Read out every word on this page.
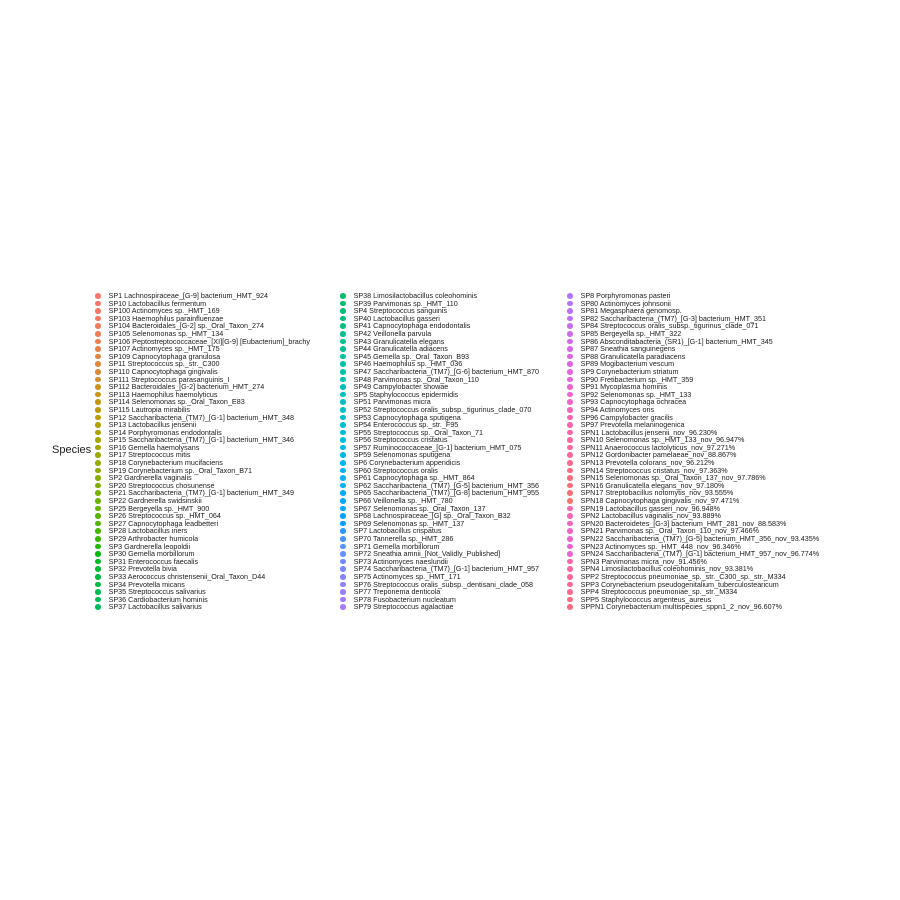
Species
SP1 Lachnospiraceae_[G-9] bacterium_HMT_924
SP10 Lactobacillus fermentum
SP100 Actinomyces sp._HMT_169
SP103 Haemophilus parainfluenzae
SP104 Bacteroidales_[G-2] sp._Oral_Taxon_274
SP105 Selenomonas sp._HMT_134
SP106 Peptostreptococcaceae_[XI][G-9] [Eubacterium]_brachy
SP107 Actinomyces sp._HMT_175
SP109 Capnocytophaga granulosa
SP11 Streptococcus sp._str._C300
SP110 Capnocytophaga gingivalis
SP111 Streptococcus parasanguinis_I
SP112 Bacteroidales_[G-2] bacterium_HMT_274
SP113 Haemophilus haemolyticus
SP114 Selenomonas sp._Oral_Taxon_E83
SP115 Lautropia mirabilis
SP12 Saccharibacteria_(TM7)_[G-1] bacterium_HMT_348
SP13 Lactobacillus jensenii
SP14 Porphyromonas endodontalis
SP15 Saccharibacteria_(TM7)_[G-1] bacterium_HMT_346
SP16 Gemella haemolysans
SP17 Streptococcus mitis
SP18 Corynebacterium mucifaciens
SP19 Corynebacterium sp._Oral_Taxon_B71
SP2 Gardnerella vaginalis
SP20 Streptococcus chosunense
SP21 Saccharibacteria_(TM7)_[G-1] bacterium_HMT_349
SP22 Gardnerella swidsinskii
SP25 Bergeyella sp._HMT_900
SP26 Streptococcus sp._HMT_064
SP27 Capnocytophaga leadbetteri
SP28 Lactobacillus iners
SP29 Arthrobacter humicola
SP3 Gardnerella leopoldii
SP30 Gemella morbillorum
SP31 Enterococcus faecalis
SP32 Prevotella bivia
SP33 Aerococcus christensenii_Oral_Taxon_D44
SP34 Prevotella micans
SP35 Streptococcus salivarius
SP36 Cardiobacterium hominis
SP37 Lactobacillus salivarius
SP38 Limosilactobacillus coleohominis
SP39 Parvimonas sp._HMT_110
SP4 Streptococcus sanguinis
SP40 Lactobacillus gasseri
SP41 Capnocytophaga endodontalis
SP42 Veillonella parvula
SP43 Granulicatella elegans
SP44 Granulicatella adiacens
SP45 Gemella sp._Oral_Taxon_B93
SP46 Haemophilus sp._HMT_036
SP47 Saccharibacteria_(TM7)_[G-6] bacterium_HMT_870
SP48 Parvimonas sp._Oral_Taxon_110
SP49 Campylobacter showae
SP5 Staphylococcus epidermidis
SP51 Parvimonas micra
SP52 Streptococcus oralis_subsp._tigurinus_clade_070
SP53 Capnocytophaga sputigena
SP54 Enterococcus sp._str._F95
SP55 Streptococcus sp._Oral_Taxon_71
SP56 Streptococcus cristatus
SP57 Ruminococcaceae_[G-1] bacterium_HMT_075
SP59 Selenomonas sputigena
SP6 Corynebacterium appendicis
SP60 Streptococcus oralis
SP61 Capnocytophaga sp._HMT_864
SP62 Saccharibacteria_(TM7)_[G-5] bacterium_HMT_356
SP65 Saccharibacteria_(TM7)_[G-8] bacterium_HMT_955
SP66 Veillonella sp._HMT_780
SP67 Selenomonas sp._Oral_Taxon_137
SP68 Lachnospiraceae_[G] sp._Oral_Taxon_B32
SP69 Selenomonas sp._HMT_137
SP7 Lactobacillus crispatus
SP70 Tannerella sp._HMT_286
SP71 Gemella morbillorum
SP72 Sneathia amnii_[Not_Validly_Published]
SP73 Actinomyces naeslundii
SP74 Saccharibacteria_(TM7)_[G-1] bacterium_HMT_957
SP75 Actinomyces sp._HMT_171
SP76 Streptococcus oralis_subsp._dentisani_clade_058
SP77 Treponema denticola
SP78 Fusobacterium nucleatum
SP79 Streptococcus agalactiae
SP8 Porphyromonas pasteri
SP80 Actinomyces johnsonii
SP81 Megasphaera genomosp.
SP82 Saccharibacteria_(TM7)_[G-3] bacterium_HMT_351
SP84 Streptococcus oralis_subsp._tigurinus_clade_071
SP85 Bergeyella sp._HMT_322
SP86 Absconditabacteria_(SR1)_[G-1] bacterium_HMT_345
SP87 Sneathia sanguinegens
SP88 Granulicatella paradiacens
SP89 Mogibacterium vescum
SP9 Corynebacterium striatum
SP90 Fretibacterium sp._HMT_359
SP91 Mycoplasma hominis
SP92 Selenomonas sp._HMT_133
SP93 Capnocytophaga ochracea
SP94 Actinomyces oris
SP96 Campylobacter gracilis
SP97 Prevotella melaninogenica
SPN1 Lactobacillus jensenii_nov_96.230%
SPN10 Selenomonas sp._HMT_133_nov_96.947%
SPN11 Anaerococcus lactolyticus_nov_97.271%
SPN12 Gordonibacter pamelaeae_nov_88.867%
SPN13 Prevotella colorans_nov_96.212%
SPN14 Streptococcus cristatus_nov_97.363%
SPN15 Selenomonas sp._Oral_Taxon_137_nov_97.786%
SPN16 Granulicatella elegans_nov_97.180%
SPN17 Streptobacillus notomytis_nov_93.555%
SPN18 Capnocytophaga gingivalis_nov_97.471%
SPN19 Lactobacillus gasseri_nov_96.948%
SPN2 Lactobacillus vaginalis_nov_93.889%
SPN20 Bacteroidetes_[G-3] bacterium_HMT_281_nov_88.583%
SPN21 Parvimonas sp._Oral_Taxon_110_nov_97.466%
SPN22 Saccharibacteria_(TM7)_[G-5] bacterium_HMT_356_nov_93.435%
SPN23 Actinomyces sp._HMT_448_nov_96.346%
SPN24 Saccharibacteria_(TM7)_[G-1] bacterium_HMT_957_nov_96.774%
SPN3 Parvimonas micra_nov_91.456%
SPN4 Limosilactobacillus coleohominis_nov_93.381%
SPP2 Streptococcus pneumoniae_sp._str._C300_sp._str._M334
SPP3 Corynebacterium pseudogenitalium_tuberculostearicum
SPP4 Streptococcus pneumoniae_sp._str._M334
SPP5 Staphylococcus argenteus_aureus
SPPN1 Corynebacterium multispecies_sppn1_2_nov_96.607%
